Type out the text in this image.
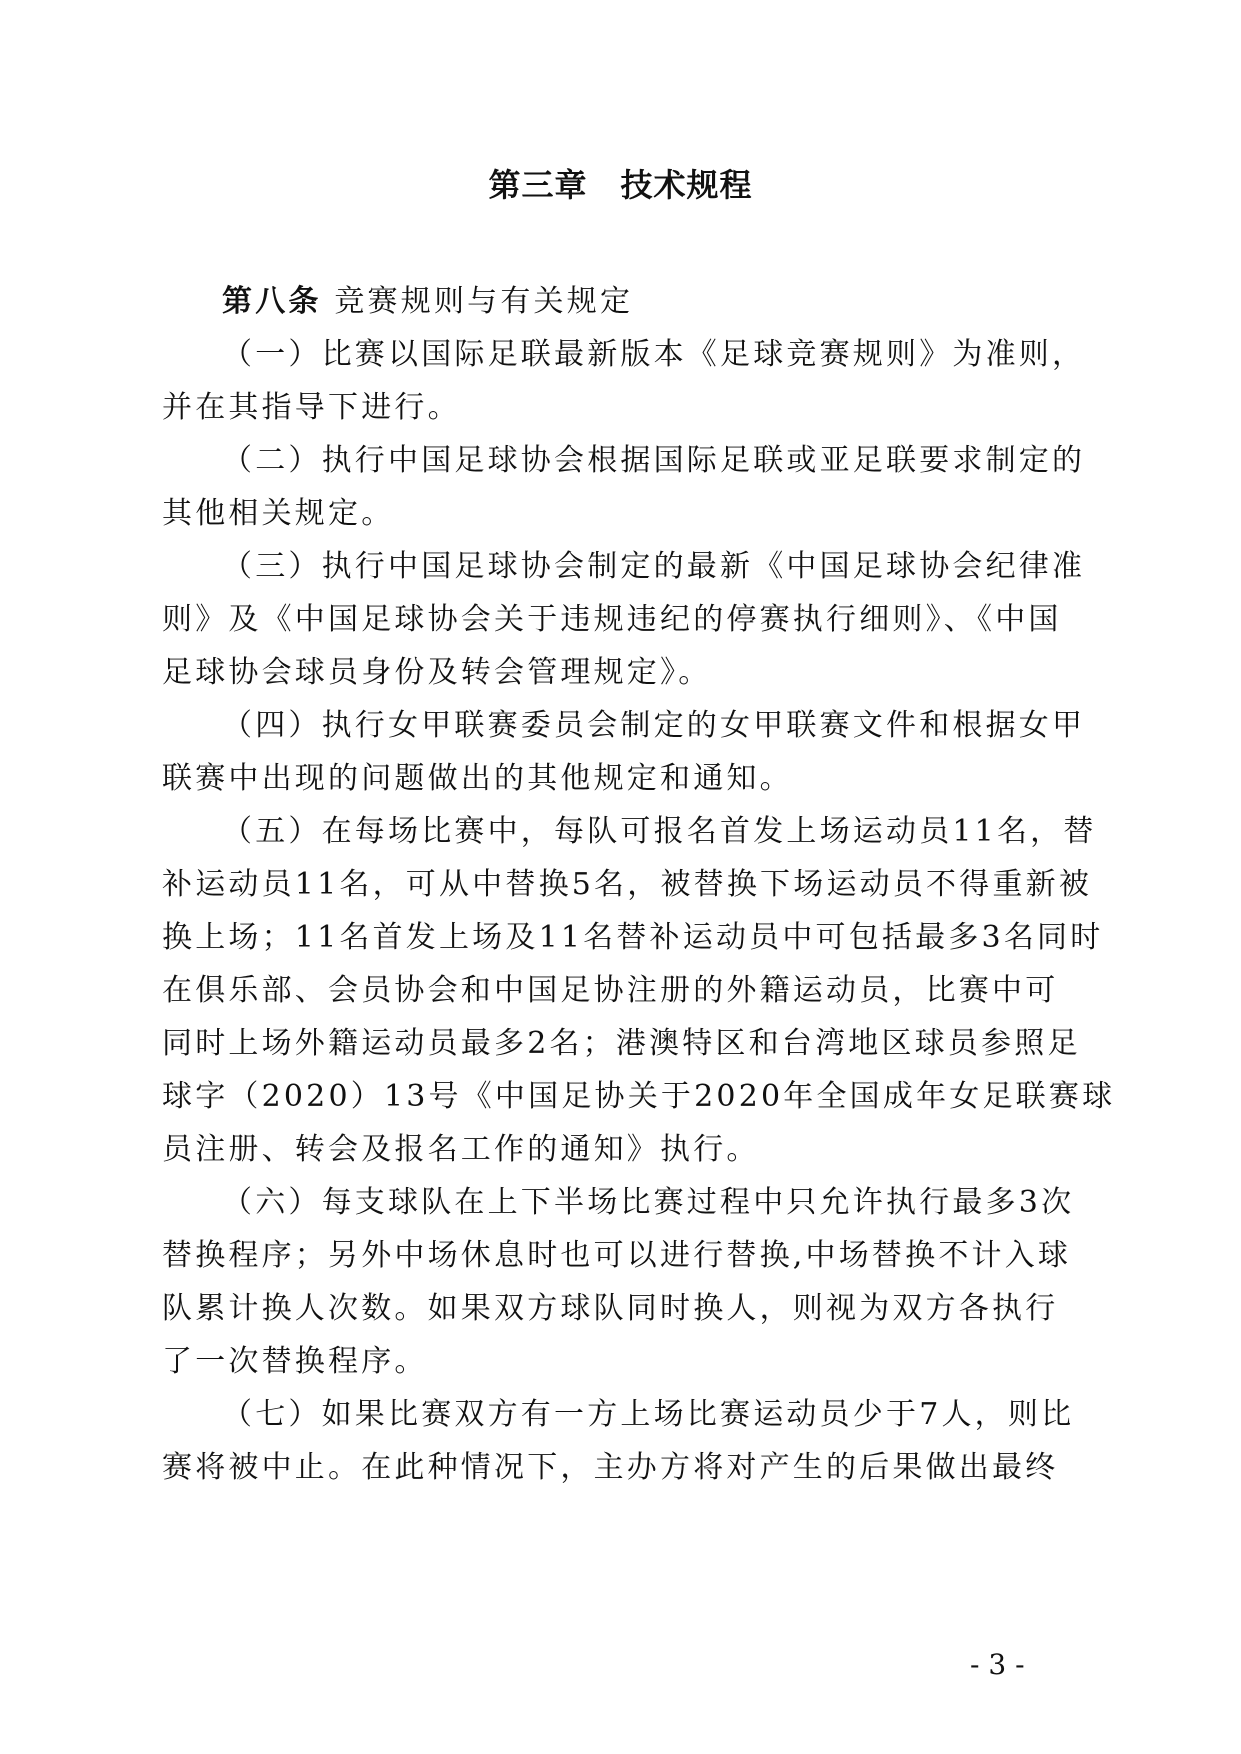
第三章　技术规程
第八条 竞赛规则与有关规定
（一）比赛以国际足联最新版本《足球竞赛规则》为准则，
并在其指导下进行。
（二）执行中国足球协会根据国际足联或亚足联要求制定的
其他相关规定。
（三）执行中国足球协会制定的最新《中国足球协会纪律准
则》及《中国足球协会关于违规违纪的停赛执行细则》、《中国
足球协会球员身份及转会管理规定》。
（四）执行女甲联赛委员会制定的女甲联赛文件和根据女甲
联赛中出现的问题做出的其他规定和通知。
（五）在每场比赛中，每队可报名首发上场运动员11名，替
补运动员11名，可从中替换5名，被替换下场运动员不得重新被
换上场；11名首发上场及11名替补运动员中可包括最多3名同时
在俱乐部、会员协会和中国足协注册的外籍运动员，比赛中可
同时上场外籍运动员最多2名；港澳特区和台湾地区球员参照足
球字（2020）13号《中国足协关于2020年全国成年女足联赛球
员注册、转会及报名工作的通知》执行。
（六）每支球队在上下半场比赛过程中只允许执行最多3次
替换程序；另外中场休息时也可以进行替换,中场替换不计入球
队累计换人次数。如果双方球队同时换人，则视为双方各执行
了一次替换程序。
（七）如果比赛双方有一方上场比赛运动员少于7人，则比
赛将被中止。在此种情况下，主办方将对产生的后果做出最终
- 3 -
